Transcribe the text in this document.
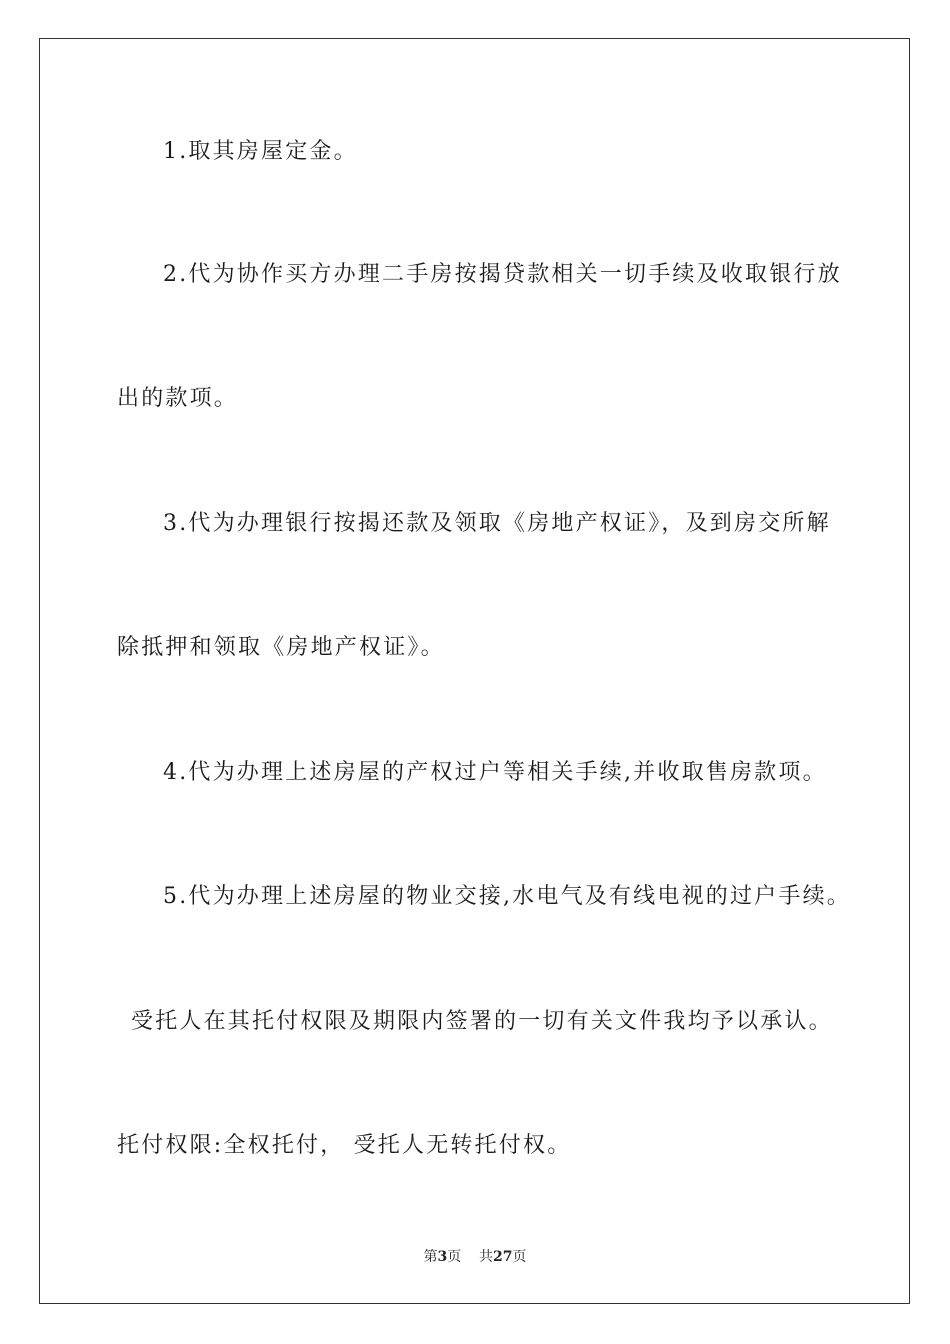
1.取其房屋定金。
2.代为协作买方办理二手房按揭贷款相关一切手续及收取银行放
出的款项。
3.代为办理银行按揭还款及领取《房地产权证》，及到房交所解
除抵押和领取《房地产权证》。
4.代为办理上述房屋的产权过户等相关手续,并收取售房款项。
5.代为办理上述房屋的物业交接,水电气及有线电视的过户手续。
受托人在其托付权限及期限内签署的一切有关文件我均予以承认。
托付权限:全权托付， 受托人无转托付权。
第3页 共27页
